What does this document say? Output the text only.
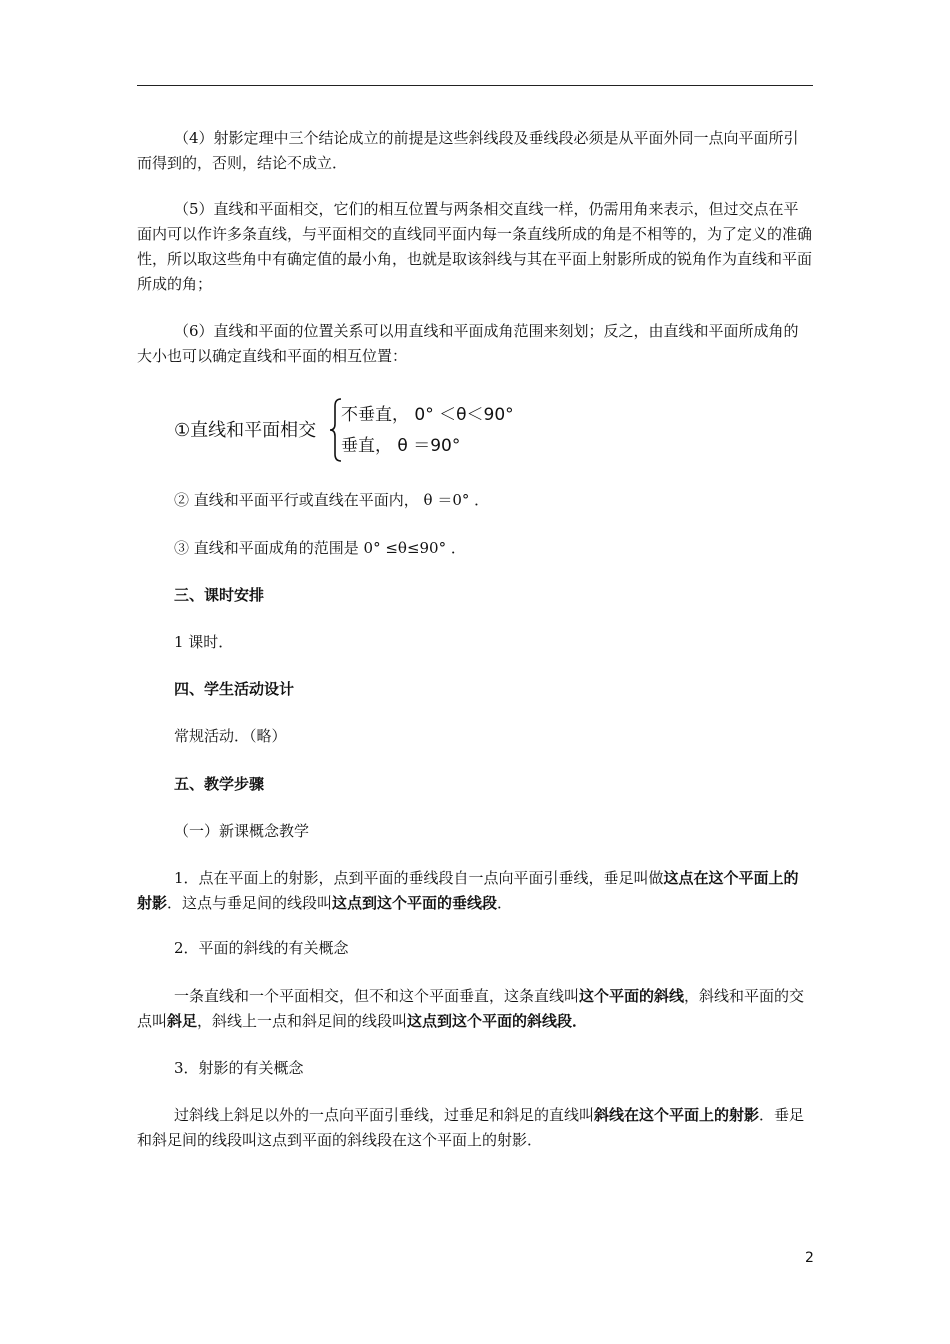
（4）射影定理中三个结论成立的前提是这些斜线段及垂线段必须是从平面外同一点向平面所引而得到的，否则，结论不成立．
（5）直线和平面相交，它们的相互位置与两条相交直线一样，仍需用角来表示，但过交点在平面内可以作许多条直线，与平面相交的直线同平面内每一条直线所成的角是不相等的，为了定义的准确性，所以取这些角中有确定值的最小角，也就是取该斜线与其在平面上射影所成的锐角作为直线和平面所成的角；
（6）直线和平面的位置关系可以用直线和平面成角范围来刻划；反之，由直线和平面所成角的大小也可以确定直线和平面的相互位置：
①直线和平面相交
不垂直， 0° ＜θ＜90°
垂直， θ ＝90°
② 直线和平面平行或直线在平面内， θ ＝0° ．
③ 直线和平面成角的范围是 0° ≤θ≤90° ．
三、课时安排
1 课时．
四、学生活动设计
常规活动．（略）
五、教学步骤
（一）新课概念教学
1．点在平面上的射影，点到平面的垂线段自一点向平面引垂线，垂足叫做这点在这个平面上的射影．这点与垂足间的线段叫这点到这个平面的垂线段．
2．平面的斜线的有关概念
一条直线和一个平面相交，但不和这个平面垂直，这条直线叫这个平面的斜线，斜线和平面的交点叫斜足，斜线上一点和斜足间的线段叫这点到这个平面的斜线段．
3．射影的有关概念
过斜线上斜足以外的一点向平面引垂线，过垂足和斜足的直线叫斜线在这个平面上的射影．垂足和斜足间的线段叫这点到平面的斜线段在这个平面上的射影．
2
